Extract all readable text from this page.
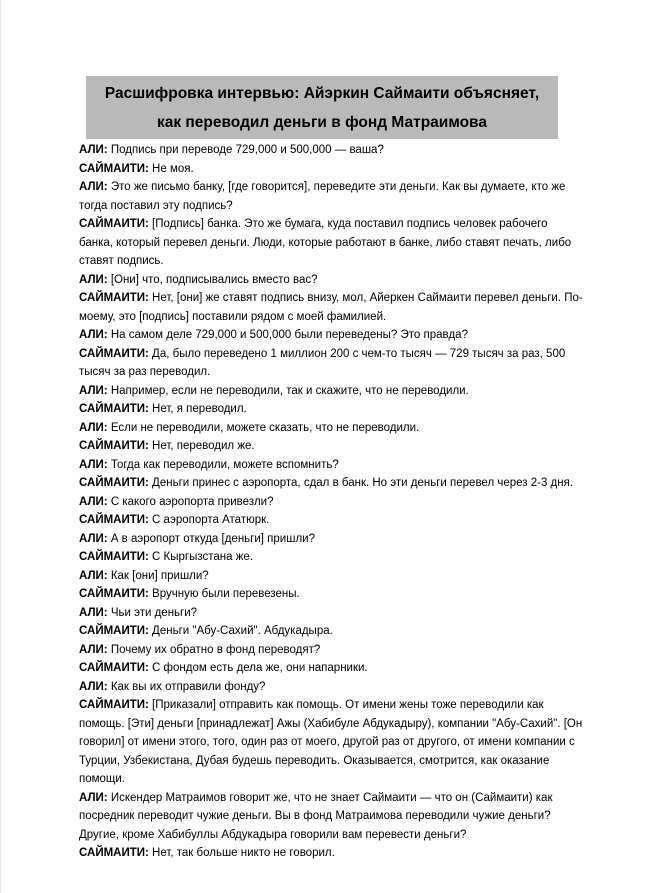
Расшифровка интервью: Айэркин Саймаити объясняет, как переводил деньги в фонд Матраимова

АЛИ: Подпись при переводе 729,000 и 500,000 — ваша?

САЙМАИТИ: Не моя.

АЛИ: Это же письмо банку, [где говорится], переведите эти деньги. Как вы думаете, кто же тогда поставил эту подпись?

САЙМАИТИ: [Подпись] банка. Это же бумага, куда поставил подпись человек рабочего банка, который перевел деньги. Люди, которые работают в банке, либо ставят печать, либо ставят подпись.

АЛИ: [Они] что, подписывались вместо вас?

САЙМАИТИ: Нет, [они] же ставят подпись внизу, мол, Айеркен Саймаити перевел деньги. По-моему, это [подпись] поставили рядом с моей фамилией.

АЛИ: На самом деле 729,000 и 500,000 были переведены? Это правда?

САЙМАИТИ: Да, было переведено 1 миллион 200 с чем-то тысяч — 729 тысяч за раз, 500 тысяч за раз переводил.

АЛИ: Например, если не переводили, так и скажите, что не переводили.

САЙМАИТИ: Нет, я переводил.

АЛИ: Если не переводили, можете сказать, что не переводили.

САЙМАИТИ: Нет, переводил же.

АЛИ: Тогда как переводили, можете вспомнить?

САЙМАИТИ: Деньги принес с аэропорта, сдал в банк. Но эти деньги перевел через 2-3 дня.

АЛИ: С какого аэропорта привезли?

САЙМАИТИ: С аэропорта Ататюрк.

АЛИ: А в аэропорт откуда [деньги] пришли?

САЙМАИТИ: С Кыргызстана же.

АЛИ: Как [они] пришли?

САЙМАИТИ: Вручную были перевезены.

АЛИ: Чьи эти деньги?

САЙМАИТИ: Деньги "Абу-Сахий". Абдукадыра.

АЛИ: Почему их обратно в фонд переводят?

САЙМАИТИ: С фондом есть дела же, они напарники.

АЛИ: Как вы их отправили фонду?

САЙМАИТИ: [Приказали] отправить как помощь. От имени жены тоже переводили как помощь. [Эти] деньги [принадлежат] Ажы (Хабибуле Абдукадыру), компании "Абу-Сахий". [Он говорил] от имени этого, того, один раз от моего, другой раз от другого, от имени компании с Турции, Узбекистана, Дубая будешь переводить. Оказывается, смотрится, как оказание помощи.

АЛИ: Искендер Матраимов говорит же, что не знает Саймаити — что он (Саймаити) как посредник переводит чужие деньги. Вы в фонд Матраимова переводили чужие деньги? Другие, кроме Хабибуллы Абдукадыра говорили вам перевести деньги?

САЙМАИТИ: Нет, так больше никто не говорил.
